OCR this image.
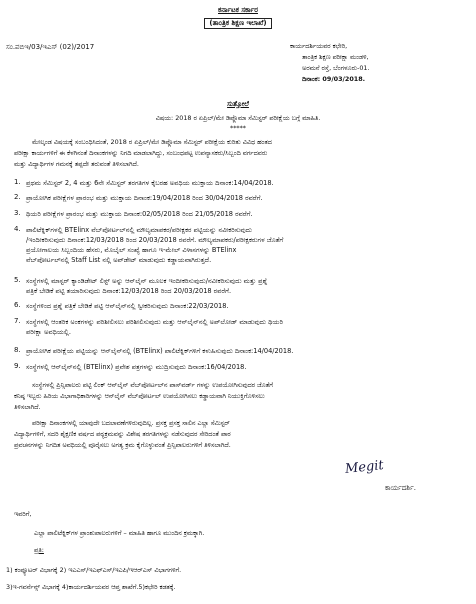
ಕರ್ನಾಟಕ ಸರ್ಕಾರ
(ತಾಂತ್ರಿಕ ಶಿಕ್ಷಣ ಇಲಾಖೆ)
ಸಂ.ಪಬಿಇ/03/ಇಎಸ್ (02)/2017	ಕಾರ್ಯದರ್ಶಿಯವರ ಕಛೇರಿ,
ತಾಂತ್ರಿಕ ಶಿಕ್ಷಣ ಪರೀಕ್ಷಾ ಮಂಡಳಿ,
ಅರಮನೆ ರಸ್ತೆ, ಬೆಂಗಳೂರು-01.
ದಿನಾಂಕ: 09/03/2018.
ಸುತ್ತೋಲೆ
ವಿಷಯ: 2018 ರ ಏಪ್ರಿಲ್/ಮೇ ಡಿಪ್ಲೊಮಾ ಸೆಮಿಸ್ಟರ್ ಪರೀಕ್ಷೆಯ ಬಗ್ಗೆ ಮಾಹಿತಿ.
*****
ಮೇಲ್ಕಂಡ ವಿಷಯಕ್ಕೆ ಸಂಬಂಧಿಸಿದಂತೆ, 2018 ರ ಏಪ್ರಿಲ್/ಮೇ ಡಿಪ್ಲೊಮಾ ಸೆಮಿಸ್ಟರ್ ಪರೀಕ್ಷೆಯ ಕುರಿತು ವಿವಿಧ ಹಂತದ
ಪರೀಕ್ಷಾ ಕಾರ್ಯಗಳಿಗೆ ಈ ಕೆಳಗಿನಂತೆ ದಿನಾಂಕಗಳನ್ನು ನಿಗದಿ ಮಾಡಲಾಗಿದ್ದು, ಸಂಬಂಧಪಟ್ಟ ಉಪನ್ಯಾಸಕರು/ಸಿಬ್ಬಂದಿ ವರ್ಗದವರು
ಮತ್ತು ವಿದ್ಯಾರ್ಥಿಗಳ ಗಮನಕ್ಕೆ ತಪ್ಪದೇ ತರುವಂತೆ ತಿಳಿಸಲಾಗಿದೆ.
1. ಪ್ರಥಮ ಸೆಮಿಸ್ಟರ್ 2, 4 ಮತ್ತು 6ನೇ ಸೆಮಿಸ್ಟರ್ ತರಗತಿಗಳ ಕೈಬರಹ ಅವಧಿಯ ಮುಕ್ತಾಯ ದಿನಾಂಕ:14/04/2018.
2. ಪ್ರಾಯೋಗಿಕ ಪರೀಕ್ಷೆಗಳ ಪ್ರಾರಂಭ ಮತ್ತು ಮುಕ್ತಾಯ ದಿನಾಂಕ:19/04/2018 ರಿಂದ 30/04/2018 ರವರೆಗೆ.
3. ಥಿಯರಿ ಪರೀಕ್ಷೆಗಳ ಪ್ರಾರಂಭ ಮತ್ತು ಮುಕ್ತಾಯ ದಿನಾಂಕ:02/05/2018 ರಿಂದ 21/05/2018 ರವರೆಗೆ.
4. ಪಾಲಿಟೆಕ್ನಿಕ್‌ಗಳಲ್ಲಿ BTElinx ವೆಬ್‌ಪೋರ್ಟಲ್‌ನಲ್ಲಿ ಮೌಲ್ಯಮಾಪಕರ/ಪರೀಕ್ಷಕರ ಪಟ್ಟಿಯನ್ನು ನವೀಕರಿಸುವುದು
/ಇಂದೀಕರಿಸುವುದು ದಿನಾಂಕ:12/03/2018 ರಿಂದ 20/03/2018 ರವರೆಗೆ. ಮೌಲ್ಯಮಾಪಕರು/ಪರೀಕ್ಷಕರುಗಳ ಜೊತೆಗೆ
ಪ್ರಯೋಗಾಲಯ ಸಿಬ್ಬಂದಿಯ ಹೆಸರು, ಮೊಬೈಲ್ ಸಂಖ್ಯೆ ಹಾಗೂ ಇ-ಮೇಲ್ ವಿಳಾಸಗಳನ್ನು BTElinx
ವೆಬ್‌ಪೋರ್ಟಲ್‌ನಲ್ಲಿ Staff List ನಲ್ಲಿ ಅಪ್‌ಡೇಟ್ ಮಾಡುವುದು ಕಡ್ಡಾಯವಾಗಿರುತ್ತದೆ.
5. ಸಂಸ್ಥೆಗಳಲ್ಲಿ ಮಾಸ್ಟರ್ ಕ್ಯಾಂಡಿಡೇಟ್ ಲಿಸ್ಟ್ ಅನ್ನು ಆನ್‌ಲೈನ್ ಮೂಲಕ ಇಂದೀಕರಿಸುವುದು/ನವೀಕರಿಸುವುದು ಮತ್ತು ಪ್ರಶ್ನೆ
ಪತ್ರಿಕೆ ಬೇಡಿಕೆ ಪಟ್ಟಿ ತಯಾರಿಸುವುದು ದಿನಾಂಕ:12/03/2018 ರಿಂದ 20/03/2018 ರವರೆಗೆ.
6. ಸಂಸ್ಥೆಗಳಿಂದ ಪ್ರಶ್ನೆ ಪತ್ರಿಕೆ ಬೇಡಿಕೆ ಪಟ್ಟಿ ಆನ್‌ಲೈನ್‌ನಲ್ಲಿ ಸ್ವೀಕರಿಸುವುದು ದಿನಾಂಕ:22/03/2018.
7. ಸಂಸ್ಥೆಗಳಲ್ಲಿ ಆಂತರಿಕ ಅಂಕಗಳನ್ನು ಪರಿಶೀಲಿಸಲು ಪರಿಶೀಲಿಸುವುದು ಮತ್ತು ಆನ್‌ಲೈನ್‌ನಲ್ಲಿ ಅಪ್‌ಲೋಡ್ ಮಾಡುವುದು ಥಿಯರಿ
ಪರೀಕ್ಷಾ ಅವಧಿಯಲ್ಲಿ.
8. ಪ್ರಾಯೋಗಿಕ ಪರೀಕ್ಷೆಯ ಪಟ್ಟಿಯನ್ನು ಆನ್‌ಲೈನ್‌ನಲ್ಲಿ (BTElinx) ಪಾಲಿಟೆಕ್ನಿಕ್‌ಗಳಿಗೆ ಕಳುಹಿಸುವುದು ದಿನಾಂಕ:14/04/2018.
9. ಸಂಸ್ಥೆಗಳಲ್ಲಿ ಆನ್‌ಲೈನ್‌ನಲ್ಲಿ (BTElinx) ಪ್ರವೇಶ ಪತ್ರಗಳನ್ನು ಮುದ್ರಿಸುವುದು ದಿನಾಂಕ:16/04/2018.
ಸಂಸ್ಥೆಗಳಲ್ಲಿ ಪ್ರಿನ್ಸಿಪಾಲರು ಪಟ್ಟಿ ಲಿಂಕ್ ಆನ್‌ಲೈನ್ ವೆಬ್‌ಪೋರ್ಟಲ್‌ನ ಪಾಸ್‌ವರ್ಡ್ ಗಳನ್ನು ಉಪಯೋಗಿಸುವುದರ ಜೊತೆಗೆ
ಕನಿಷ್ಠ ಇಬ್ಬರು ಹಿರಿಯ ವಿಭಾಗಾಧಿಕಾರಿಗಳನ್ನು ಆನ್‌ಲೈನ್ ವೆಬ್‌ಪೋರ್ಟಲ್ ಉಪಯೋಗಿಸಲು ಕಡ್ಡಾಯವಾಗಿ ನಿಯುಕ್ತಿಗೊಳಿಸಲು
ತಿಳಿಸಲಾಗಿದೆ.
ಪರೀಕ್ಷಾ ದಿನಾಂಕಗಳಲ್ಲಿ ಯಾವುದೇ ಬದಲಾವಣೆಗಳಿರುವುದಿಲ್ಲ. ಪ್ರಸಕ್ತ ಪ್ರಸಕ್ತ ಸಾಲಿನ ಎಲ್ಲಾ ಸೆಮಿಸ್ಟರ್
ವಿದ್ಯಾರ್ಥಿಗಳಿಗೆ, ಸದರಿ ಶೈಕ್ಷಣಿಕ ವರ್ಷದ ಪಠ್ಯಕ್ರಮವನ್ನು ವಿಶೇಷ ತರಗತಿಗಳನ್ನು ನಡೆಸುವುದರ ಸೇರಿದಂತೆ ಪಾಠ
ಪ್ರವಚನಗಳನ್ನು ನಿಗದಿತ ಅವಧಿಯಲ್ಲಿ ಪೂರೈಸಲು ಅಗತ್ಯ ಕ್ರಮ ಕೈಗೊಳ್ಳುವಂತೆ ಪ್ರಿನ್ಸಿಪಾಲರುಗಳಿಗೆ ತಿಳಿಸಲಾಗಿದೆ.
Megit
ಕಾರ್ಯದರ್ಶಿ.
ಇವರಿಗೆ,
ಎಲ್ಲಾ ಪಾಲಿಟೆಕ್ನಿಕ್‌ಗಳ ಪ್ರಾಂಶುಪಾಲರುಗಳಿಗೆ – ಮಾಹಿತಿ ಹಾಗೂ ಮುಂದಿನ ಕ್ರಮಕ್ಕಾಗಿ.
ಪ್ರತಿ:
1) ಕಂಪ್ಯೂಟರ್ ವಿಭಾಗಕ್ಕೆ 2) ಇಎಎಸ್/ಇಎಫ್‌ಎಸ್/ಇಎಪಿ/ಇಆರ್‌ಎಸ್ ವಿಭಾಗಗಳಿಗೆ.
3)ಇ-ಗವರ್ನೆನ್ಸ್ ವಿಭಾಗಕ್ಕೆ 4)ಕಾರ್ಯದರ್ಶಿಯವರ ಆಪ್ತ ಶಾಖೆಗೆ.5)ಕಛೇರಿ ಕಡತಕ್ಕೆ.
